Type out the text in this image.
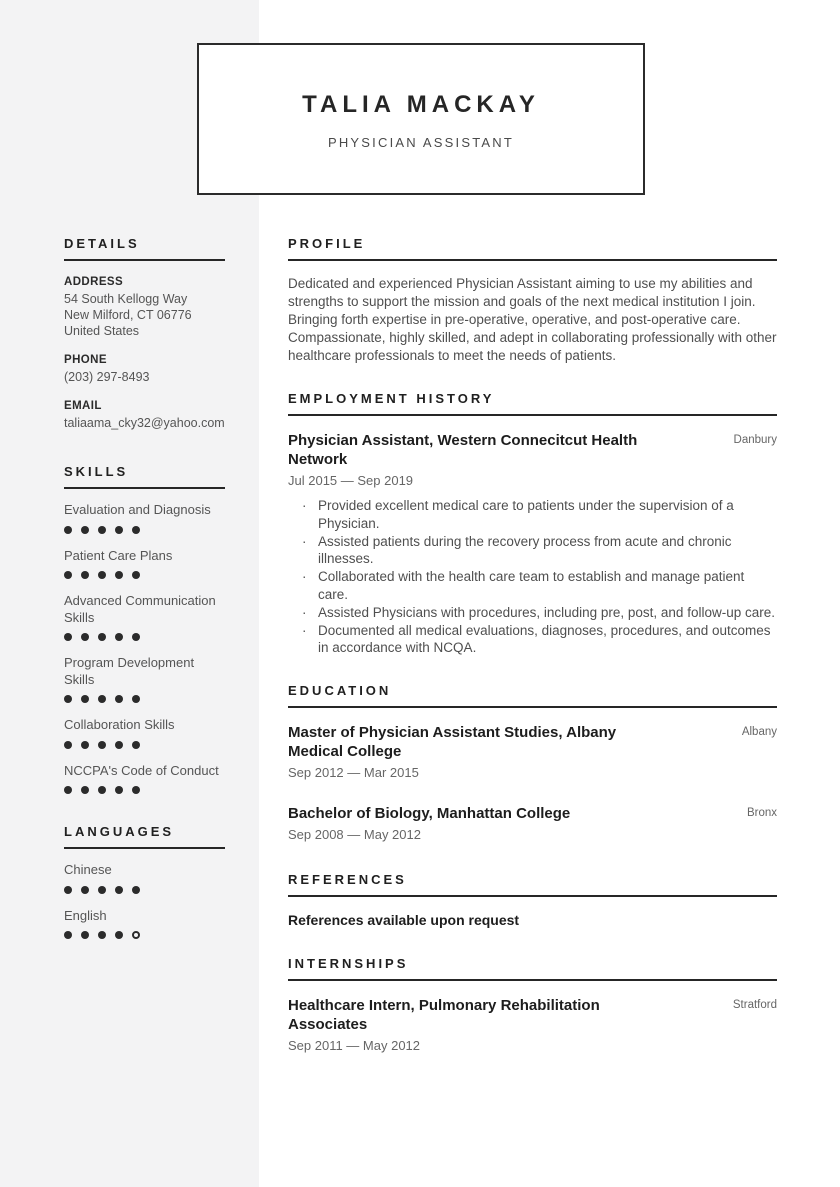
TALIA MACKAY
PHYSICIAN ASSISTANT
DETAILS
ADDRESS
54 South Kellogg Way
New Milford, CT 06776
United States
PHONE
(203) 297-8493
EMAIL
taliaama_cky32@yahoo.com
SKILLS
Evaluation and Diagnosis
Patient Care Plans
Advanced Communication Skills
Program Development Skills
Collaboration Skills
NCCPA's Code of Conduct
LANGUAGES
Chinese
English
PROFILE

Dedicated and experienced Physician Assistant aiming to use my abilities and strengths to support the mission and goals of the next medical institution I join. Bringing forth expertise in pre-operative, operative, and post-operative care. Compassionate, highly skilled, and adept in collaborating professionally with other healthcare professionals to meet the needs of patients.

EMPLOYMENT HISTORY
Physician Assistant, Western Connecitcut Health Network
Jul 2015 — Sep 2019
Danbury
· Provided excellent medical care to patients under the supervision of a Physician.
· Assisted patients during the recovery process from acute and chronic illnesses.
· Collaborated with the health care team to establish and manage patient care.
· Assisted Physicians with procedures, including pre, post, and follow-up care.
· Documented all medical evaluations, diagnoses, procedures, and outcomes in accordance with NCQA.
EDUCATION
Master of Physician Assistant Studies, Albany Medical College
Sep 2012 — Mar 2015
Albany
Bachelor of Biology, Manhattan College
Sep 2008 — May 2012
Bronx
REFERENCES
References available upon request
INTERNSHIPS
Healthcare Intern, Pulmonary Rehabilitation Associates
Sep 2011 — May 2012
Stratford
